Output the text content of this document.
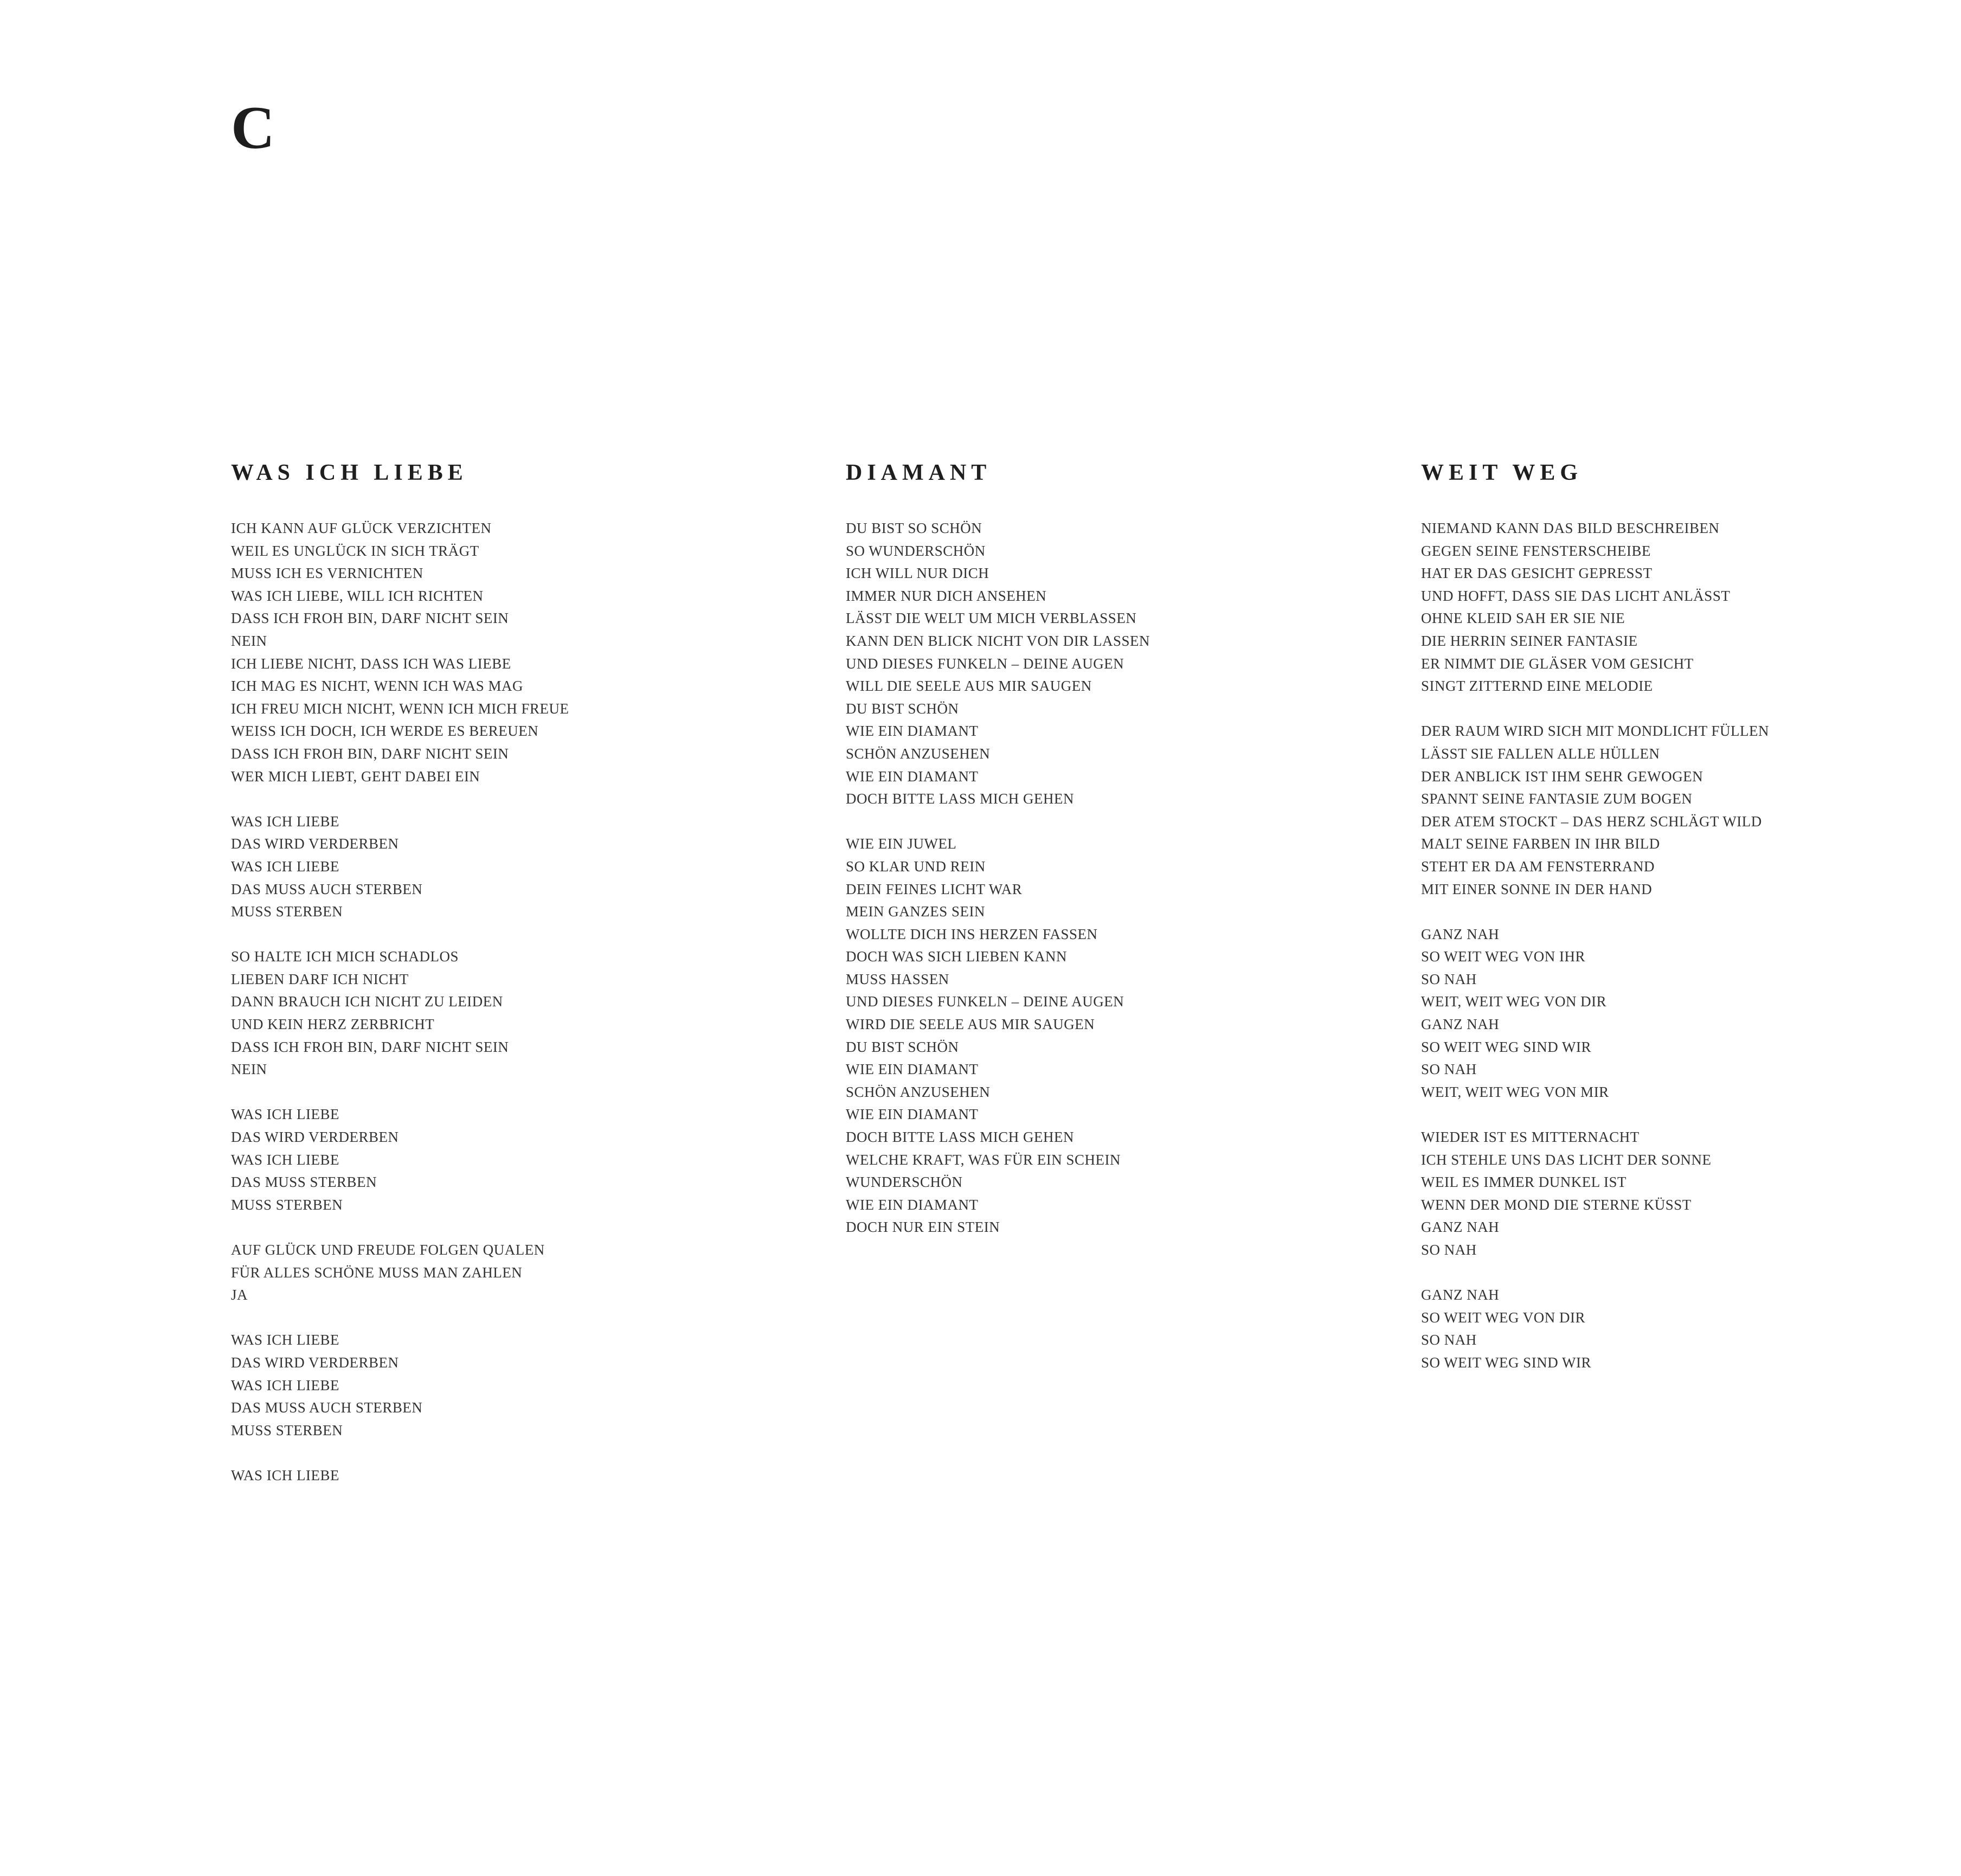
C
WAS ICH LIEBE
ICH KANN AUF GLÜCK VERZICHTEN
WEIL ES UNGLÜCK IN SICH TRÄGT
MUSS ICH ES VERNICHTEN
WAS ICH LIEBE, WILL ICH RICHTEN
DASS ICH FROH BIN, DARF NICHT SEIN
NEIN
ICH LIEBE NICHT, DASS ICH WAS LIEBE
ICH MAG ES NICHT, WENN ICH WAS MAG
ICH FREU MICH NICHT, WENN ICH MICH FREUE
WEISS ICH DOCH, ICH WERDE ES BEREUEN
DASS ICH FROH BIN, DARF NICHT SEIN
WER MICH LIEBT, GEHT DABEI EIN
WAS ICH LIEBE
DAS WIRD VERDERBEN
WAS ICH LIEBE
DAS MUSS AUCH STERBEN
MUSS STERBEN
SO HALTE ICH MICH SCHADLOS
LIEBEN DARF ICH NICHT
DANN BRAUCH ICH NICHT ZU LEIDEN
UND KEIN HERZ ZERBRICHT
DASS ICH FROH BIN, DARF NICHT SEIN
NEIN
WAS ICH LIEBE
DAS WIRD VERDERBEN
WAS ICH LIEBE
DAS MUSS STERBEN
MUSS STERBEN
AUF GLÜCK UND FREUDE FOLGEN QUALEN
FÜR ALLES SCHÖNE MUSS MAN ZAHLEN
JA
WAS ICH LIEBE
DAS WIRD VERDERBEN
WAS ICH LIEBE
DAS MUSS AUCH STERBEN
MUSS STERBEN
WAS ICH LIEBE
DIAMANT
DU BIST SO SCHÖN
SO WUNDERSCHÖN
ICH WILL NUR DICH
IMMER NUR DICH ANSEHEN
LÄSST DIE WELT UM MICH VERBLASSEN
KANN DEN BLICK NICHT VON DIR LASSEN
UND DIESES FUNKELN – DEINE AUGEN
WILL DIE SEELE AUS MIR SAUGEN
DU BIST SCHÖN
WIE EIN DIAMANT
SCHÖN ANZUSEHEN
WIE EIN DIAMANT
DOCH BITTE LASS MICH GEHEN
WIE EIN JUWEL
SO KLAR UND REIN
DEIN FEINES LICHT WAR
MEIN GANZES SEIN
WOLLTE DICH INS HERZEN FASSEN
DOCH WAS SICH LIEBEN KANN
MUSS HASSEN
UND DIESES FUNKELN – DEINE AUGEN
WIRD DIE SEELE AUS MIR SAUGEN
DU BIST SCHÖN
WIE EIN DIAMANT
SCHÖN ANZUSEHEN
WIE EIN DIAMANT
DOCH BITTE LASS MICH GEHEN
WELCHE KRAFT, WAS FÜR EIN SCHEIN
WUNDERSCHÖN
WIE EIN DIAMANT
DOCH NUR EIN STEIN
WEIT WEG
NIEMAND KANN DAS BILD BESCHREIBEN
GEGEN SEINE FENSTERSCHEIBE
HAT ER DAS GESICHT GEPRESST
UND HOFFT, DASS SIE DAS LICHT ANLÄSST
OHNE KLEID SAH ER SIE NIE
DIE HERRIN SEINER FANTASIE
ER NIMMT DIE GLÄSER VOM GESICHT
SINGT ZITTERND EINE MELODIE
DER RAUM WIRD SICH MIT MONDLICHT FÜLLEN
LÄSST SIE FALLEN ALLE HÜLLEN
DER ANBLICK IST IHM SEHR GEWOGEN
SPANNT SEINE FANTASIE ZUM BOGEN
DER ATEM STOCKT – DAS HERZ SCHLÄGT WILD
MALT SEINE FARBEN IN IHR BILD
STEHT ER DA AM FENSTERRAND
MIT EINER SONNE IN DER HAND
GANZ NAH
SO WEIT WEG VON IHR
SO NAH
WEIT, WEIT WEG VON DIR
GANZ NAH
SO WEIT WEG SIND WIR
SO NAH
WEIT, WEIT WEG VON MIR
WIEDER IST ES MITTERNACHT
ICH STEHLE UNS DAS LICHT DER SONNE
WEIL ES IMMER DUNKEL IST
WENN DER MOND DIE STERNE KÜSST
GANZ NAH
SO NAH
GANZ NAH
SO WEIT WEG VON DIR
SO NAH
SO WEIT WEG SIND WIR
